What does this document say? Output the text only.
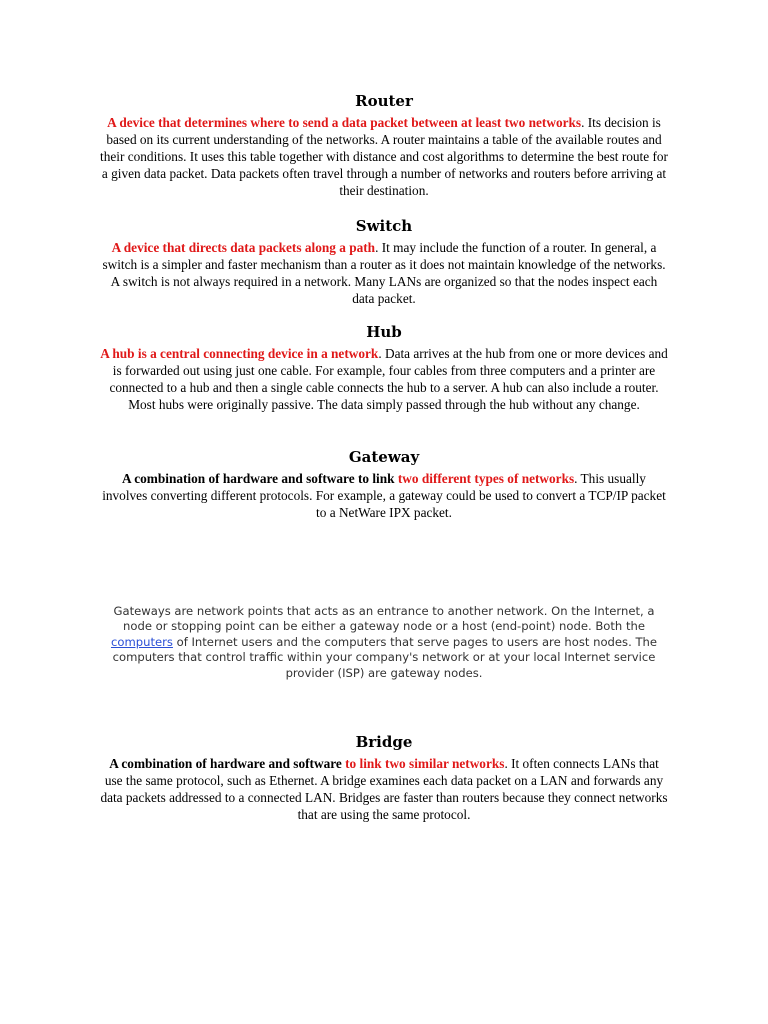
Router

A device that determines where to send a data packet between at least two networks. Its decision is based on its current understanding of the networks. A router maintains a table of the available routes and their conditions. It uses this table together with distance and cost algorithms to determine the best route for a given data packet. Data packets often travel through a number of networks and routers before arriving at their destination.

Switch

A device that directs data packets along a path. It may include the function of a router. In general, a switch is a simpler and faster mechanism than a router as it does not maintain knowledge of the networks. A switch is not always required in a network. Many LANs are organized so that the nodes inspect each data packet.

Hub

A hub is a central connecting device in a network. Data arrives at the hub from one or more devices and is forwarded out using just one cable. For example, four cables from three computers and a printer are connected to a hub and then a single cable connects the hub to a server. A hub can also include a router. Most hubs were originally passive. The data simply passed through the hub without any change.

Gateway

A combination of hardware and software to link two different types of networks. This usually involves converting different protocols. For example, a gateway could be used to convert a TCP/IP packet to a NetWare IPX packet.

Gateways are network points that acts as an entrance to another network. On the Internet, a node or stopping point can be either a gateway node or a host (end-point) node. Both the computers of Internet users and the computers that serve pages to users are host nodes. The computers that control traffic within your company's network or at your local Internet service provider (ISP) are gateway nodes.

Bridge

A combination of hardware and software to link two similar networks. It often connects LANs that use the same protocol, such as Ethernet. A bridge examines each data packet on a LAN and forwards any data packets addressed to a connected LAN. Bridges are faster than routers because they connect networks that are using the same protocol.
